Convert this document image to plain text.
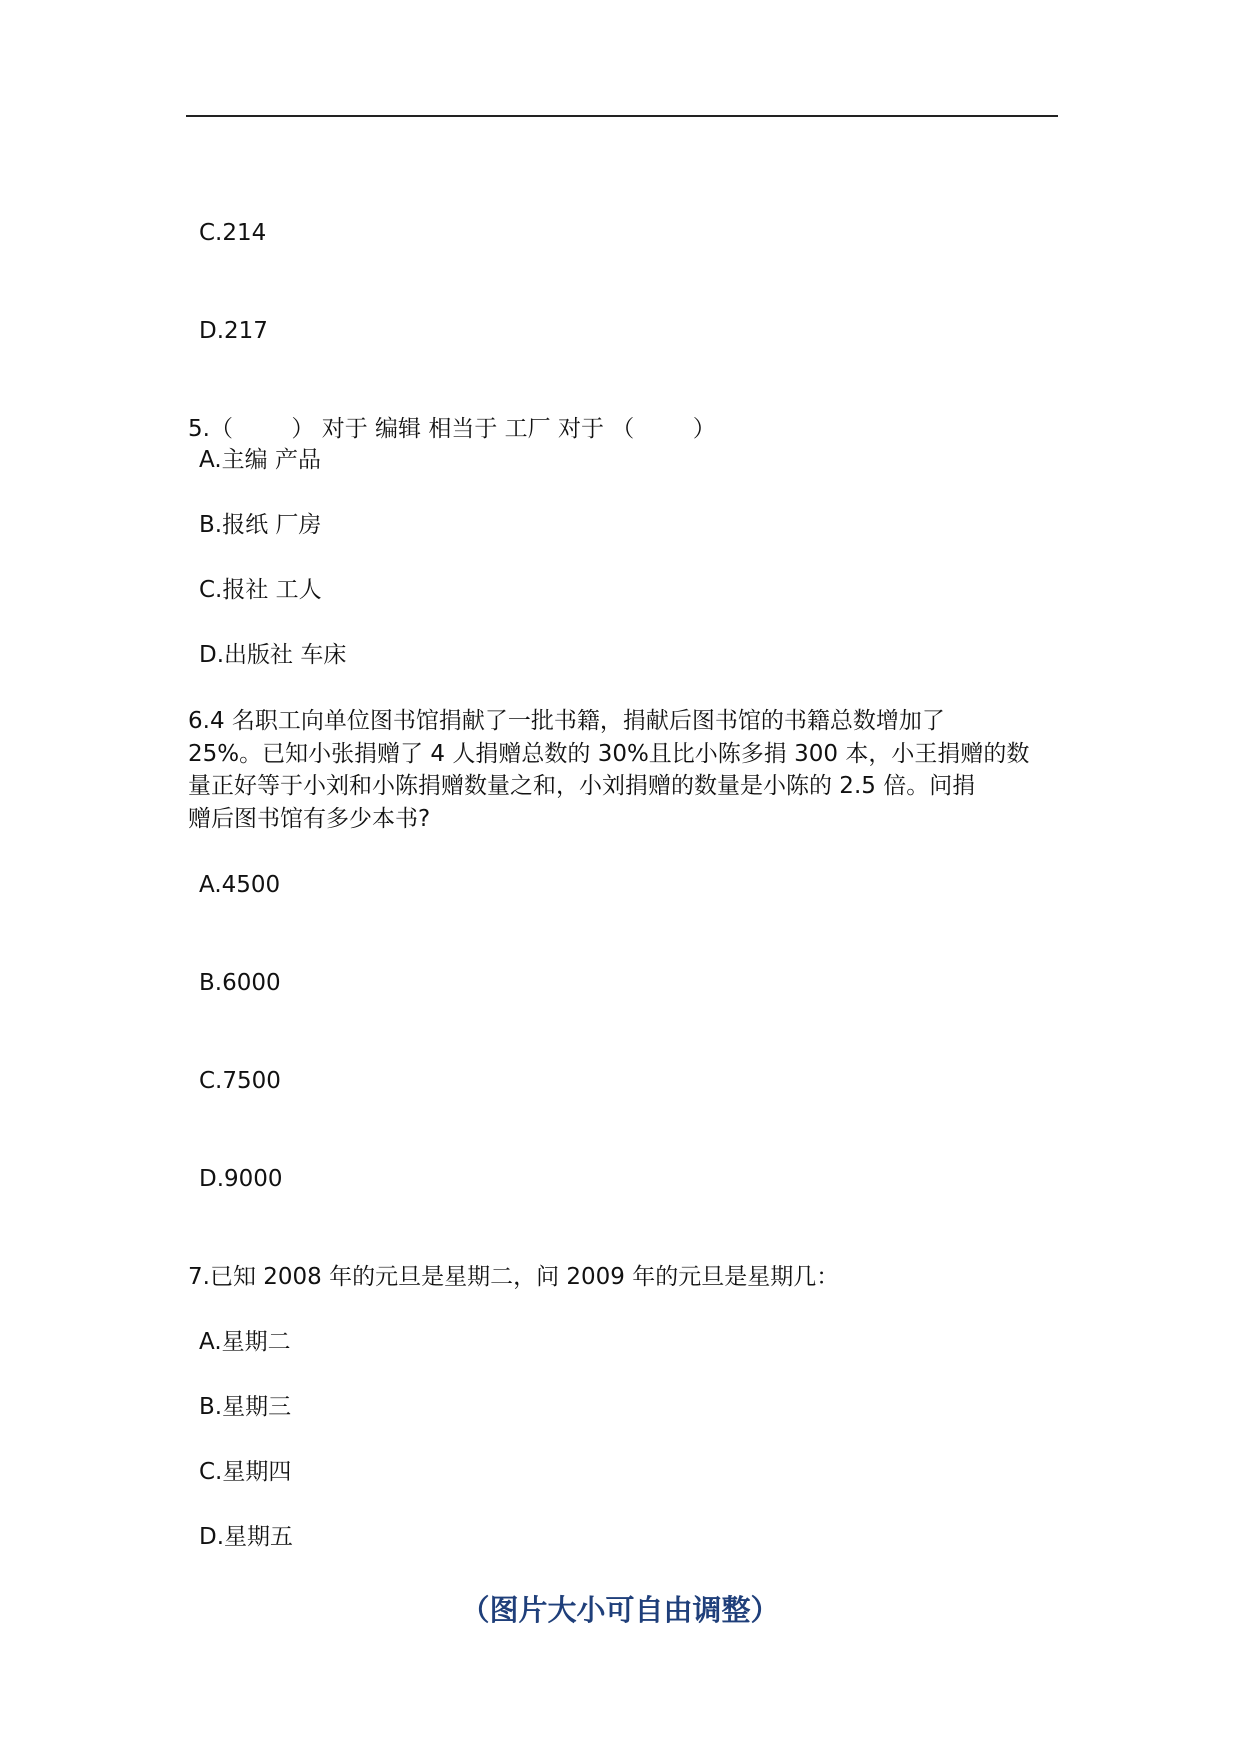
C.214
D.217
5.（        ） 对于 编辑 相当于 工厂 对于 （        ）
A.主编 产品
B.报纸 厂房
C.报社 工人
D.出版社 车床
6.4 名职工向单位图书馆捐献了一批书籍，捐献后图书馆的书籍总数增加了
25%。已知小张捐赠了 4 人捐赠总数的 30%且比小陈多捐 300 本，小王捐赠的数
量正好等于小刘和小陈捐赠数量之和，小刘捐赠的数量是小陈的 2.5 倍。问捐
赠后图书馆有多少本书?
A.4500
B.6000
C.7500
D.9000
7.已知 2008 年的元旦是星期二，问 2009 年的元旦是星期几：
A.星期二
B.星期三
C.星期四
D.星期五
（图片大小可自由调整）
